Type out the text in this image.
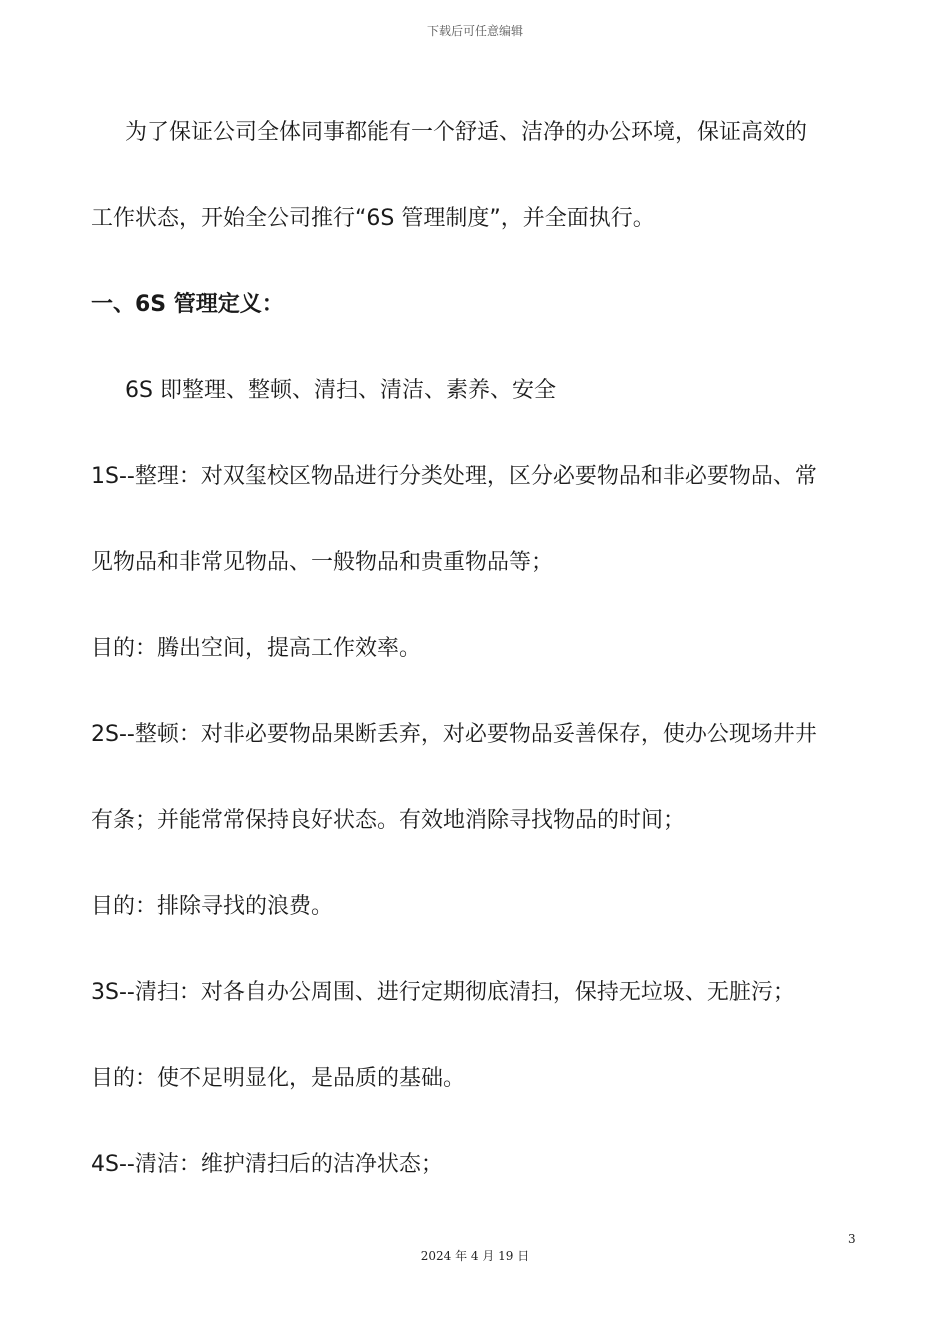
下载后可任意编辑
为了保证公司全体同事都能有一个舒适、洁净的办公环境，保证高效的
工作状态，开始全公司推行“6S 管理制度”，并全面执行。
一、6S 管理定义：
6S 即整理、整顿、清扫、清洁、素养、安全
1S--整理：对双玺校区物品进行分类处理，区分必要物品和非必要物品、常
见物品和非常见物品、一般物品和贵重物品等；
目的：腾出空间，提高工作效率。
2S--整顿：对非必要物品果断丢弃，对必要物品妥善保存，使办公现场井井
有条；并能常常保持良好状态。有效地消除寻找物品的时间；
目的：排除寻找的浪费。
3S--清扫：对各自办公周围、进行定期彻底清扫，保持无垃圾、无脏污；
目的：使不足明显化，是品质的基础。
4S--清洁：维护清扫后的洁净状态；
3
2024 年 4 月 19 日
